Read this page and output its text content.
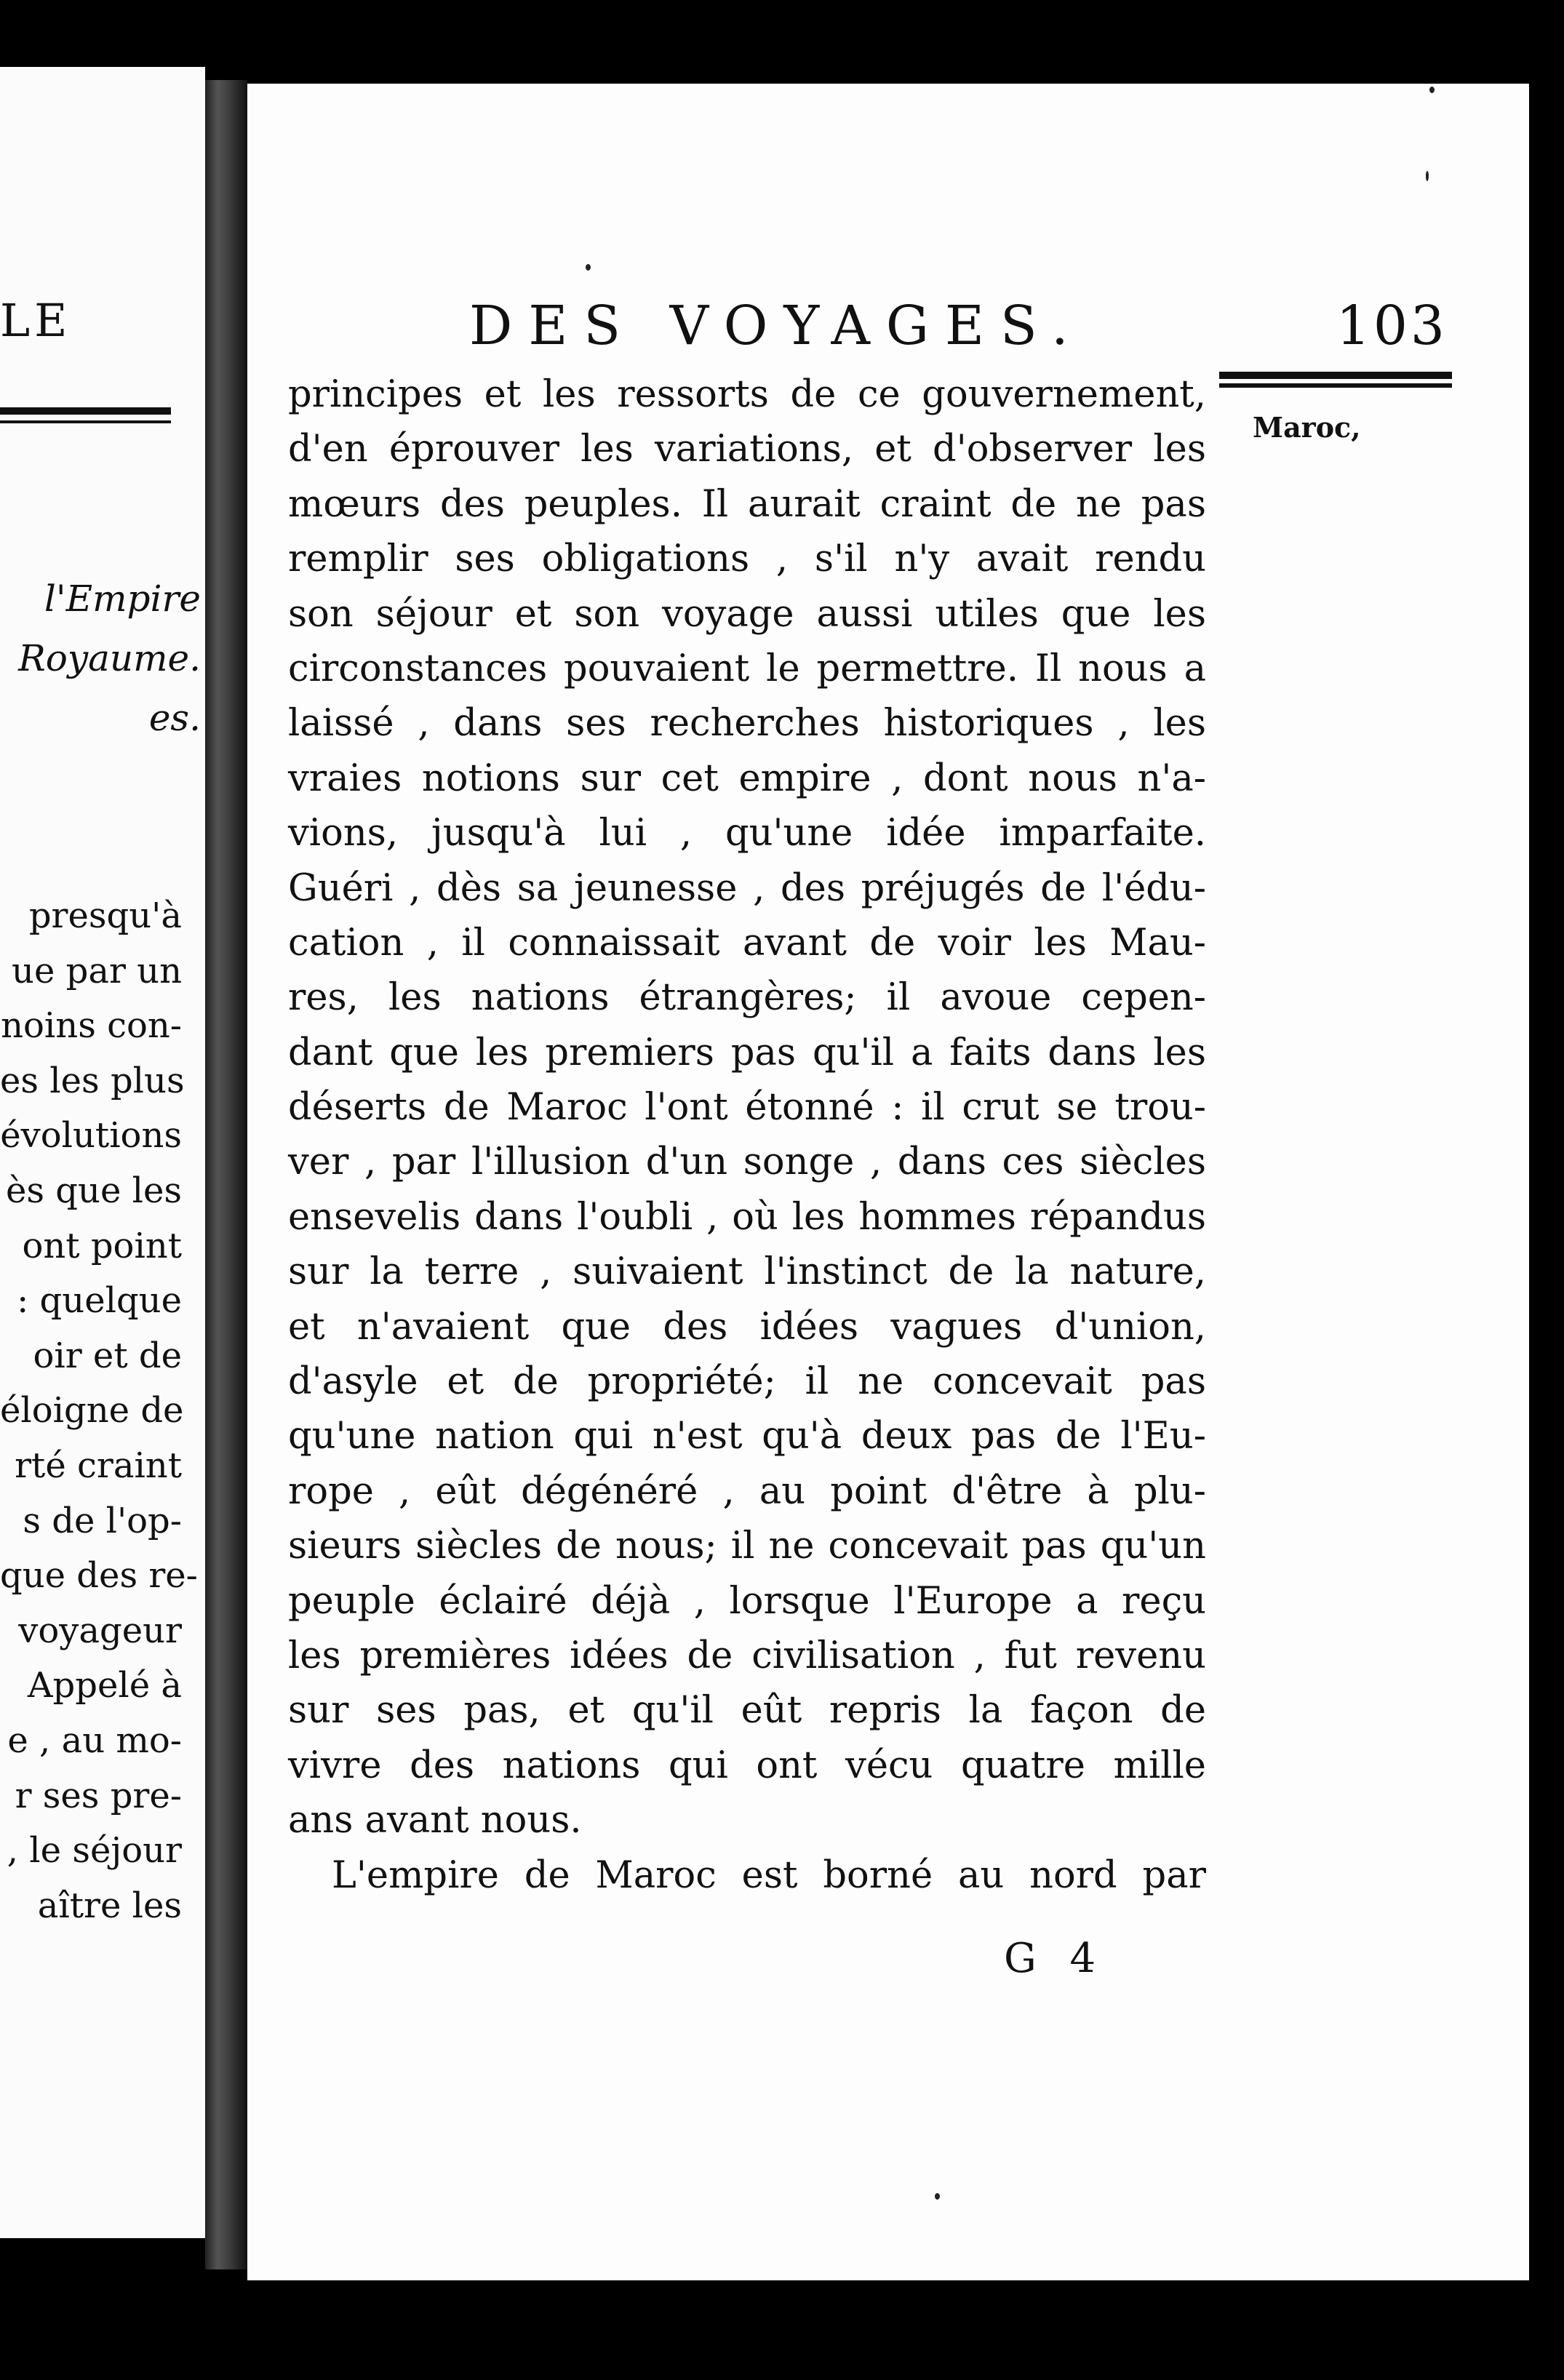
LE
l'Empire
Royaume.
es.
presqu'à
ue par un
noins con-
es les plus
évolutions
ès que les
ont point
: quelque
oir et de
éloigne de
rté craint
s de l'op-
que des re-
voyageur
Appelé à
e , au mo-
r ses pre-
, le séjour
aître les
DES VOYAGES.	103
Maroc,
principes et les ressorts de ce gouvernement,
d'en éprouver les variations, et d'observer les
mœurs des peuples. Il aurait craint de ne pas
remplir ses obligations , s'il n'y avait rendu
son séjour et son voyage aussi utiles que les
circonstances pouvaient le permettre. Il nous a
laissé , dans ses recherches historiques , les
vraies notions sur cet empire , dont nous n'a-
vions, jusqu'à lui , qu'une idée imparfaite.
Guéri , dès sa jeunesse , des préjugés de l'édu-
cation , il connaissait avant de voir les Mau-
res, les nations étrangères; il avoue cepen-
dant que les premiers pas qu'il a faits dans les
déserts de Maroc l'ont étonné : il crut se trou-
ver , par l'illusion d'un songe , dans ces siècles
ensevelis dans l'oubli , où les hommes répandus
sur la terre , suivaient l'instinct de la nature,
et n'avaient que des idées vagues d'union,
d'asyle et de propriété; il ne concevait pas
qu'une nation qui n'est qu'à deux pas de l'Eu-
rope , eût dégénéré , au point d'être à plu-
sieurs siècles de nous; il ne concevait pas qu'un
peuple éclairé déjà , lorsque l'Europe a reçu
les premières idées de civilisation , fut revenu
sur ses pas, et qu'il eût repris la façon de
vivre des nations qui ont vécu quatre mille
ans avant nous.
L'empire de Maroc est borné au nord par
G 4
